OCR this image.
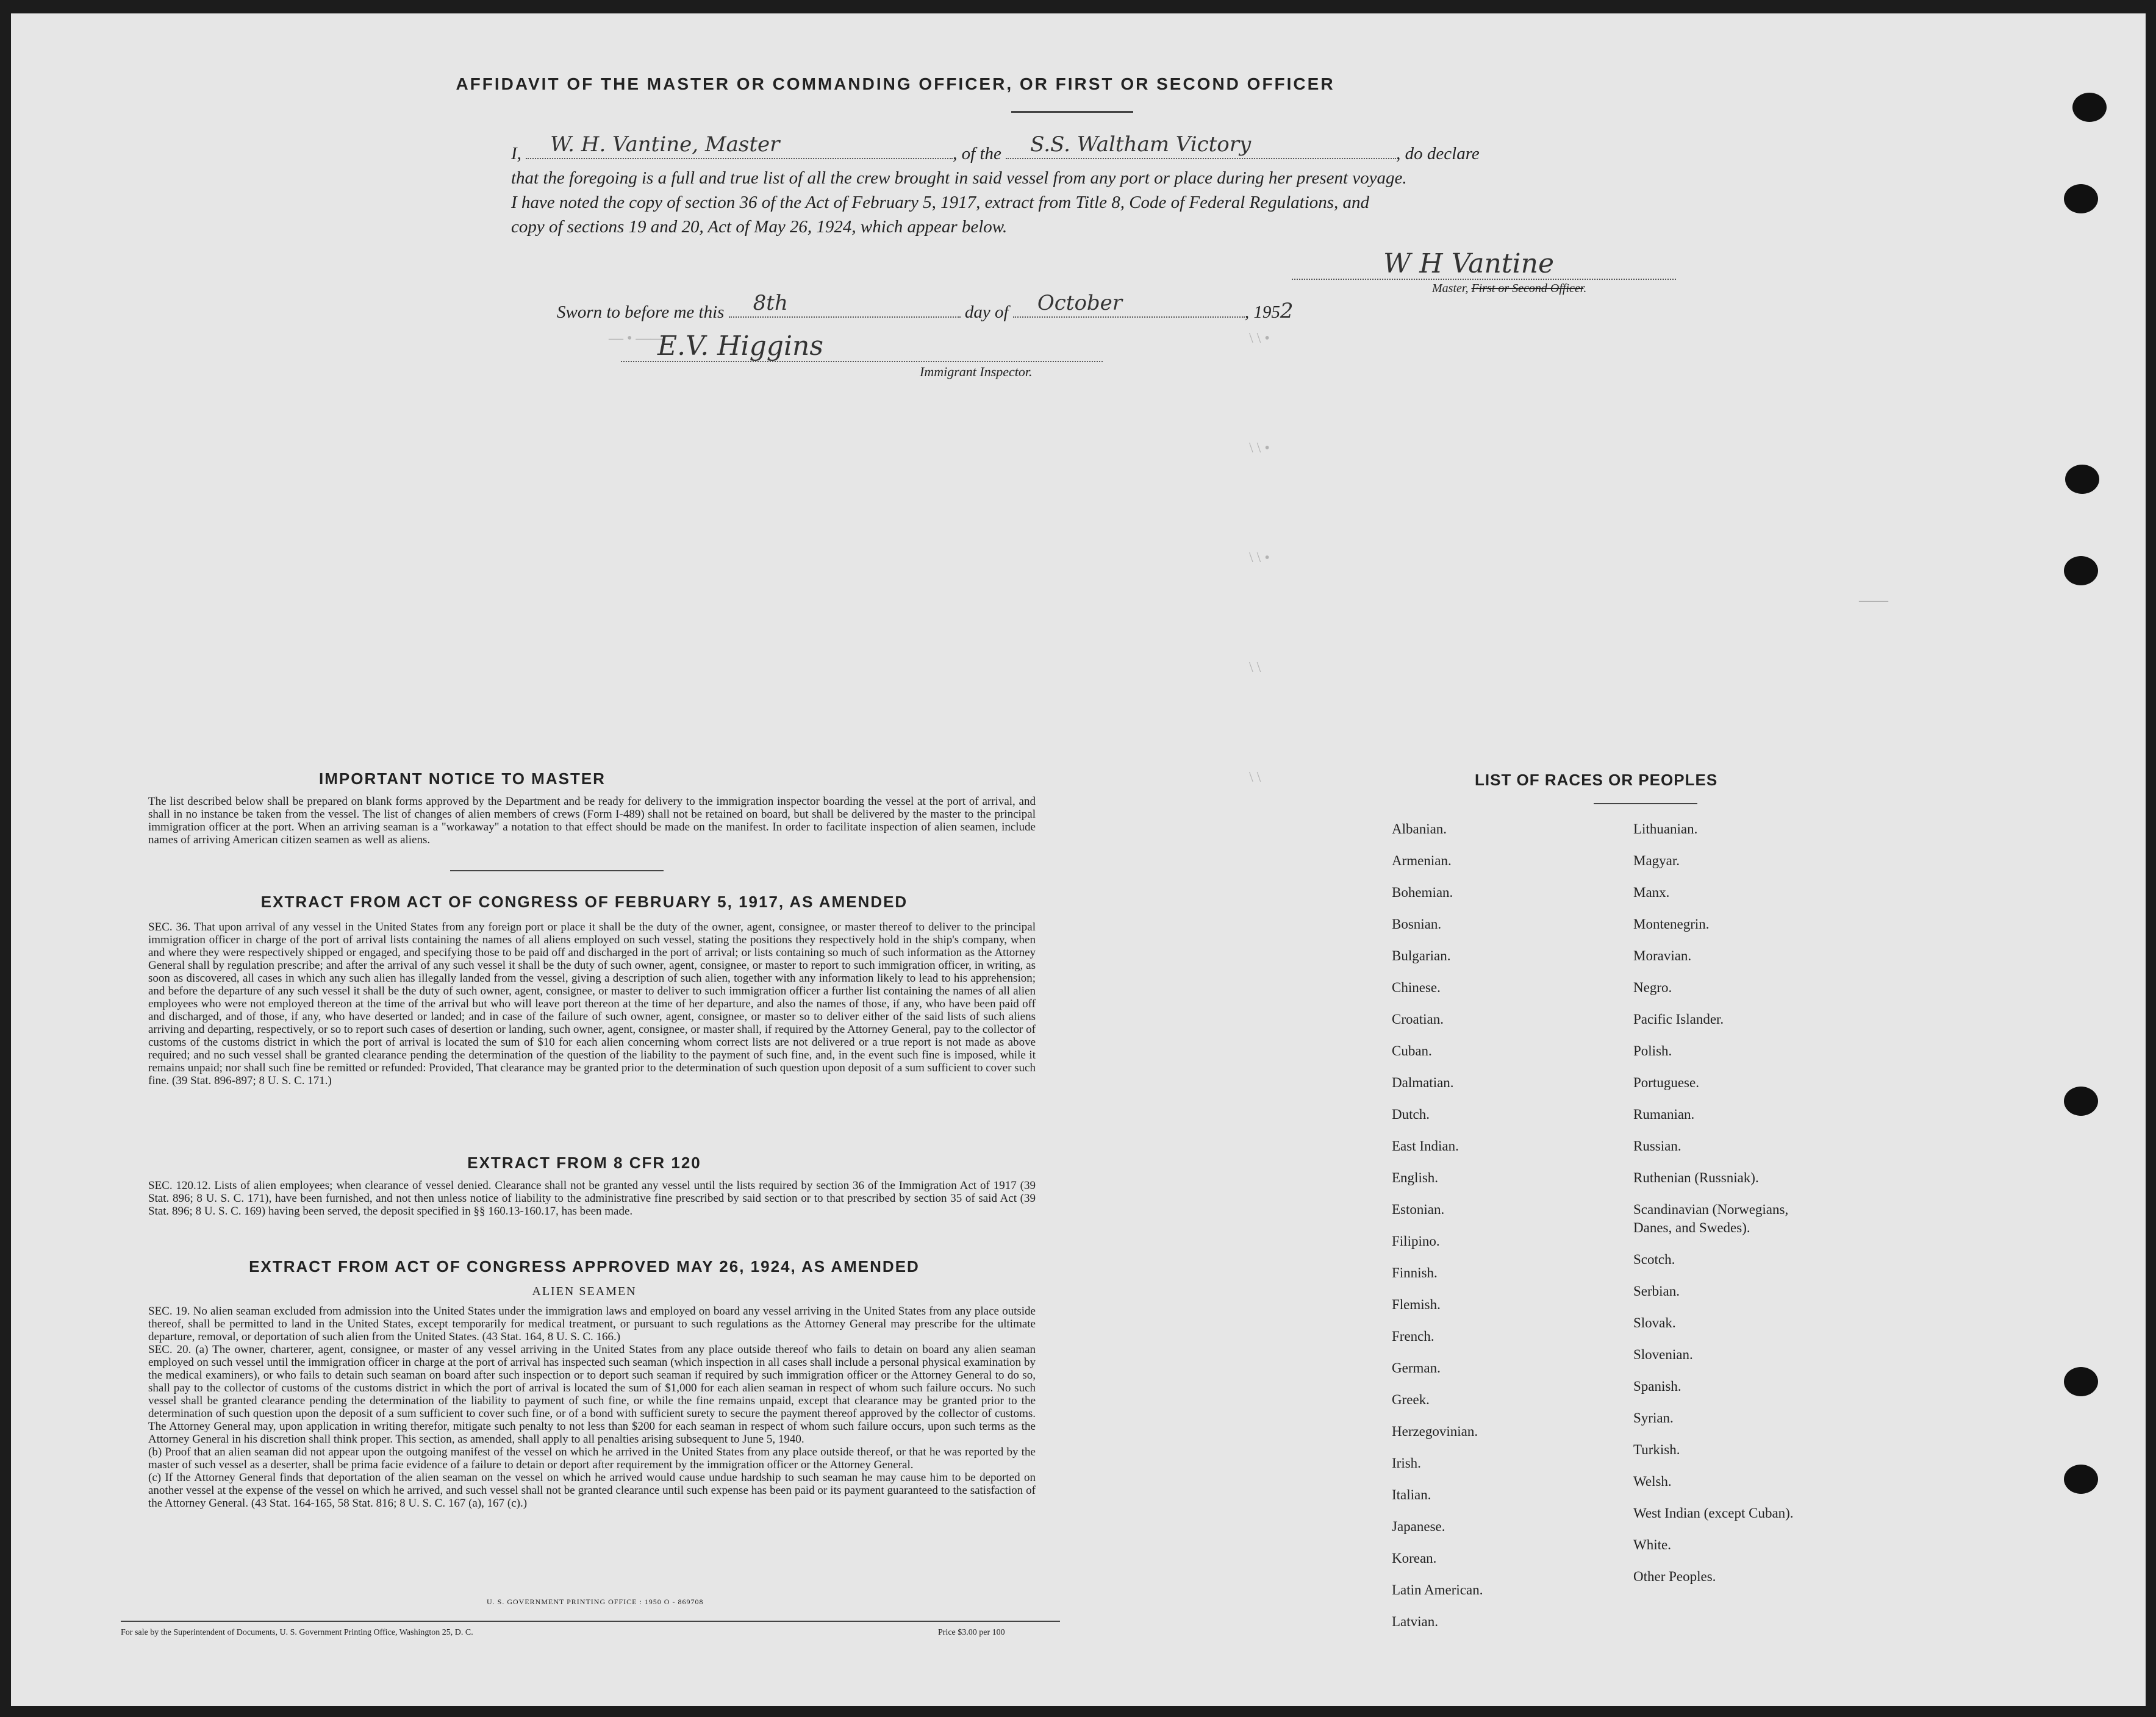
— • ——	\ \ •
\ \ •
\ \ •
\ \
\ \
——
AFFIDAVIT OF THE MASTER OR COMMANDING OFFICER, OR FIRST OR SECOND OFFICER
I, W. H. Vantine, Master	, of the S.S. Waltham Victory	, do declare
that the foregoing is a full and true list of all the crew brought in said vessel from any port or place during her present voyage.
I have noted the copy of section 36 of the Act of February 5, 1917, extract from Title 8, Code of Federal Regulations, and
copy of sections 19 and 20, Act of May 26, 1924, which appear below.
W H Vantine
Master, First or Second Officer.
Sworn to before me this 8th	day of October	, 1952
E.V. Higgins
Immigrant Inspector.
IMPORTANT NOTICE TO MASTER
The list described below shall be prepared on blank forms approved by the Department and be ready for delivery to the immigration inspector boarding the vessel at the port of arrival, and shall in no instance be taken from the vessel. The list of changes of alien members of crews (Form I-489) shall not be retained on board, but shall be delivered by the master to the principal immigration officer at the port. When an arriving seaman is a "workaway" a notation to that effect should be made on the manifest. In order to facilitate inspection of alien seamen, include names of arriving American citizen seamen as well as aliens.
EXTRACT FROM ACT OF CONGRESS OF FEBRUARY 5, 1917, AS AMENDED
SEC. 36. That upon arrival of any vessel in the United States from any foreign port or place it shall be the duty of the owner, agent, consignee, or master thereof to deliver to the principal immigration officer in charge of the port of arrival lists containing the names of all aliens employed on such vessel, stating the positions they respectively hold in the ship's company, when and where they were respectively shipped or engaged, and specifying those to be paid off and discharged in the port of arrival; or lists containing so much of such information as the Attorney General shall by regulation prescribe; and after the arrival of any such vessel it shall be the duty of such owner, agent, consignee, or master to report to such immigration officer, in writing, as soon as discovered, all cases in which any such alien has illegally landed from the vessel, giving a description of such alien, together with any information likely to lead to his apprehension; and before the departure of any such vessel it shall be the duty of such owner, agent, consignee, or master to deliver to such immigration officer a further list containing the names of all alien employees who were not employed thereon at the time of the arrival but who will leave port thereon at the time of her departure, and also the names of those, if any, who have been paid off and discharged, and of those, if any, who have deserted or landed; and in case of the failure of such owner, agent, consignee, or master so to deliver either of the said lists of such aliens arriving and departing, respectively, or so to report such cases of desertion or landing, such owner, agent, consignee, or master shall, if required by the Attorney General, pay to the collector of customs of the customs district in which the port of arrival is located the sum of $10 for each alien concerning whom correct lists are not delivered or a true report is not made as above required; and no such vessel shall be granted clearance pending the determination of the question of the liability to the payment of such fine, and, in the event such fine is imposed, while it remains unpaid; nor shall such fine be remitted or refunded: Provided, That clearance may be granted prior to the determination of such question upon deposit of a sum sufficient to cover such fine. (39 Stat. 896-897; 8 U. S. C. 171.)
EXTRACT FROM 8 CFR 120
SEC. 120.12. Lists of alien employees; when clearance of vessel denied. Clearance shall not be granted any vessel until the lists required by section 36 of the Immigration Act of 1917 (39 Stat. 896; 8 U. S. C. 171), have been furnished, and not then unless notice of liability to the administrative fine prescribed by said section or to that prescribed by section 35 of said Act (39 Stat. 896; 8 U. S. C. 169) having been served, the deposit specified in §§ 160.13-160.17, has been made.
EXTRACT FROM ACT OF CONGRESS APPROVED MAY 26, 1924, AS AMENDED
ALIEN SEAMEN
SEC. 19. No alien seaman excluded from admission into the United States under the immigration laws and employed on board any vessel arriving in the United States from any place outside thereof, shall be permitted to land in the United States, except temporarily for medical treatment, or pursuant to such regulations as the Attorney General may prescribe for the ultimate departure, removal, or deportation of such alien from the United States. (43 Stat. 164, 8 U. S. C. 166.)
SEC. 20. (a) The owner, charterer, agent, consignee, or master of any vessel arriving in the United States from any place outside thereof who fails to detain on board any alien seaman employed on such vessel until the immigration officer in charge at the port of arrival has inspected such seaman (which inspection in all cases shall include a personal physical examination by the medical examiners), or who fails to detain such seaman on board after such inspection or to deport such seaman if required by such immigration officer or the Attorney General to do so, shall pay to the collector of customs of the customs district in which the port of arrival is located the sum of $1,000 for each alien seaman in respect of whom such failure occurs. No such vessel shall be granted clearance pending the determination of the liability to payment of such fine, or while the fine remains unpaid, except that clearance may be granted prior to the determination of such question upon the deposit of a sum sufficient to cover such fine, or of a bond with sufficient surety to secure the payment thereof approved by the collector of customs. The Attorney General may, upon application in writing therefor, mitigate such penalty to not less than $200 for each seaman in respect of whom such failure occurs, upon such terms as the Attorney General in his discretion shall think proper. This section, as amended, shall apply to all penalties arising subsequent to June 5, 1940.
(b) Proof that an alien seaman did not appear upon the outgoing manifest of the vessel on which he arrived in the United States from any place outside thereof, or that he was reported by the master of such vessel as a deserter, shall be prima facie evidence of a failure to detain or deport after requirement by the immigration officer or the Attorney General.
(c) If the Attorney General finds that deportation of the alien seaman on the vessel on which he arrived would cause undue hardship to such seaman he may cause him to be deported on another vessel at the expense of the vessel on which he arrived, and such vessel shall not be granted clearance until such expense has been paid or its payment guaranteed to the satisfaction of the Attorney General. (43 Stat. 164-165, 58 Stat. 816; 8 U. S. C. 167 (a), 167 (c).)
U. S. GOVERNMENT PRINTING OFFICE : 1950 O - 869708
For sale by the Superintendent of Documents, U. S. Government Printing Office, Washington 25, D. C.	Price $3.00 per 100
LIST OF RACES OR PEOPLES
Albanian.
Armenian.
Bohemian.
Bosnian.
Bulgarian.
Chinese.
Croatian.
Cuban.
Dalmatian.
Dutch.
East Indian.
English.
Estonian.
Filipino.
Finnish.
Flemish.
French.
German.
Greek.
Herzegovinian.
Irish.
Italian.
Japanese.
Korean.
Latin American.
Latvian.
Lithuanian.
Magyar.
Manx.
Montenegrin.
Moravian.
Negro.
Pacific Islander.
Polish.
Portuguese.
Rumanian.
Russian.
Ruthenian (Russniak).
Scandinavian (Norwegians,
Danes, and Swedes).
Scotch.
Serbian.
Slovak.
Slovenian.
Spanish.
Syrian.
Turkish.
Welsh.
West Indian (except Cuban).
White.
Other Peoples.
